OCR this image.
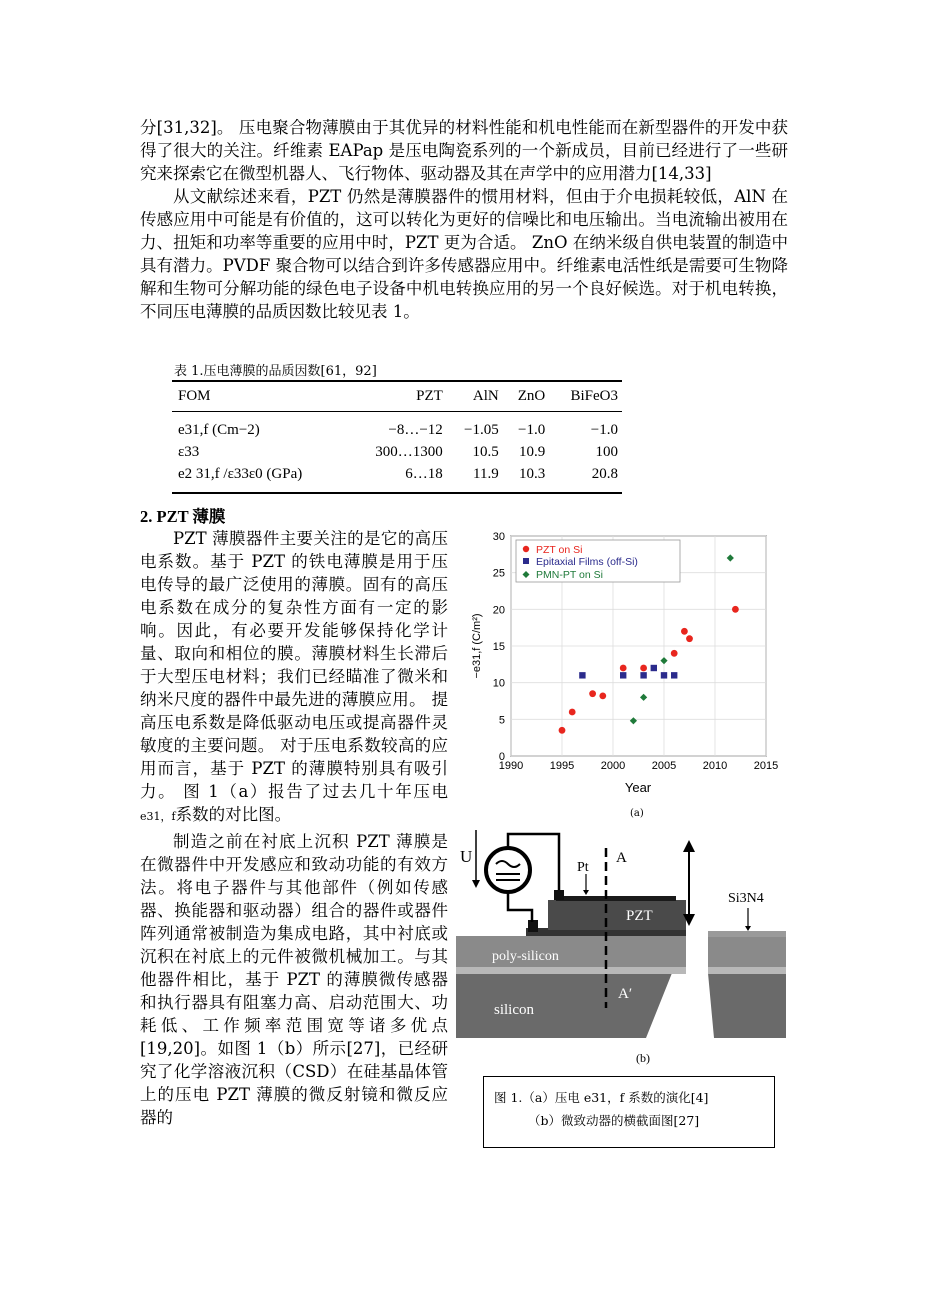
分[31,32]。 压电聚合物薄膜由于其优异的材料性能和机电性能而在新型器件的开发中获得了很大的关注。纤维素 EAPap 是压电陶瓷系列的一个新成员，目前已经进行了一些研究来探索它在微型机器人、飞行物体、驱动器及其在声学中的应用潜力[14,33]

从文献综述来看，PZT 仍然是薄膜器件的惯用材料，但由于介电损耗较低，AlN 在传感应用中可能是有价值的，这可以转化为更好的信噪比和电压输出。当电流输出被用在力、扭矩和功率等重要的应用中时，PZT 更为合适。 ZnO 在纳米级自供电装置的制造中具有潜力。PVDF 聚合物可以结合到许多传感器应用中。纤维素电活性纸是需要可生物降解和生物可分解功能的绿色电子设备中机电转换应用的另一个良好候选。对于机电转换，不同压电薄膜的品质因数比较见表 1。

表 1.压电薄膜的品质因数[61，92]
FOM	PZT	AlN	ZnO	BiFeO3
e31,f (Cm−2)	−8…−12	−1.05	−1.0	−1.0
ε33	300…1300	10.5	10.9	100
e2 31,f /ε33ε0 (GPa)	6…18	11.9	10.3	20.8
2. PZT 薄膜

PZT 薄膜器件主要关注的是它的高压电系数。基于 PZT 的铁电薄膜是用于压电传导的最广泛使用的薄膜。固有的高压电系数在成分的复杂性方面有一定的影响。因此，有必要开发能够保持化学计量、取向和相位的膜。薄膜材料生长滞后于大型压电材料；我们已经瞄准了微米和纳米尺度的器件中最先进的薄膜应用。 提高压电系数是降低驱动电压或提高器件灵敏度的主要问题。 对于压电系数较高的应用而言，基于 PZT 的薄膜特别具有吸引力。 图 1（a）报告了过去几十年压电 e31，f系数的对比图。

制造之前在衬底上沉积 PZT 薄膜是在微器件中开发感应和致动功能的有效方法。将电子器件与其他部件（例如传感器、换能器和驱动器）组合的器件或器件阵列通常被制造为集成电路，其中衬底或沉积在衬底上的元件被微机械加工。与其他器件相比，基于 PZT 的薄膜微传感器和执行器具有阻塞力高、启动范围大、功耗低、工作频率范围宽等诸多优点[19,20]。如图 1（b）所示[27]，已经研究了化学溶液沉积（CSD）在硅基晶体管上的压电 PZT 薄膜的微反射镜和微反应器的

1990 1995 2000 2005 2010 2015
0
5
10
15
20
25
30
Year
−e31,f (C/m²)
PZT on Si
Epitaxial Films (off-Si)
PMN-PT on Si
(a)
U
Pt
A
PZT
poly-silicon
A′
silicon
Si3N4
(b)
图 1.（a）压电 e31，f 系数的演化[4]
（b）微致动器的横截面图[27]
